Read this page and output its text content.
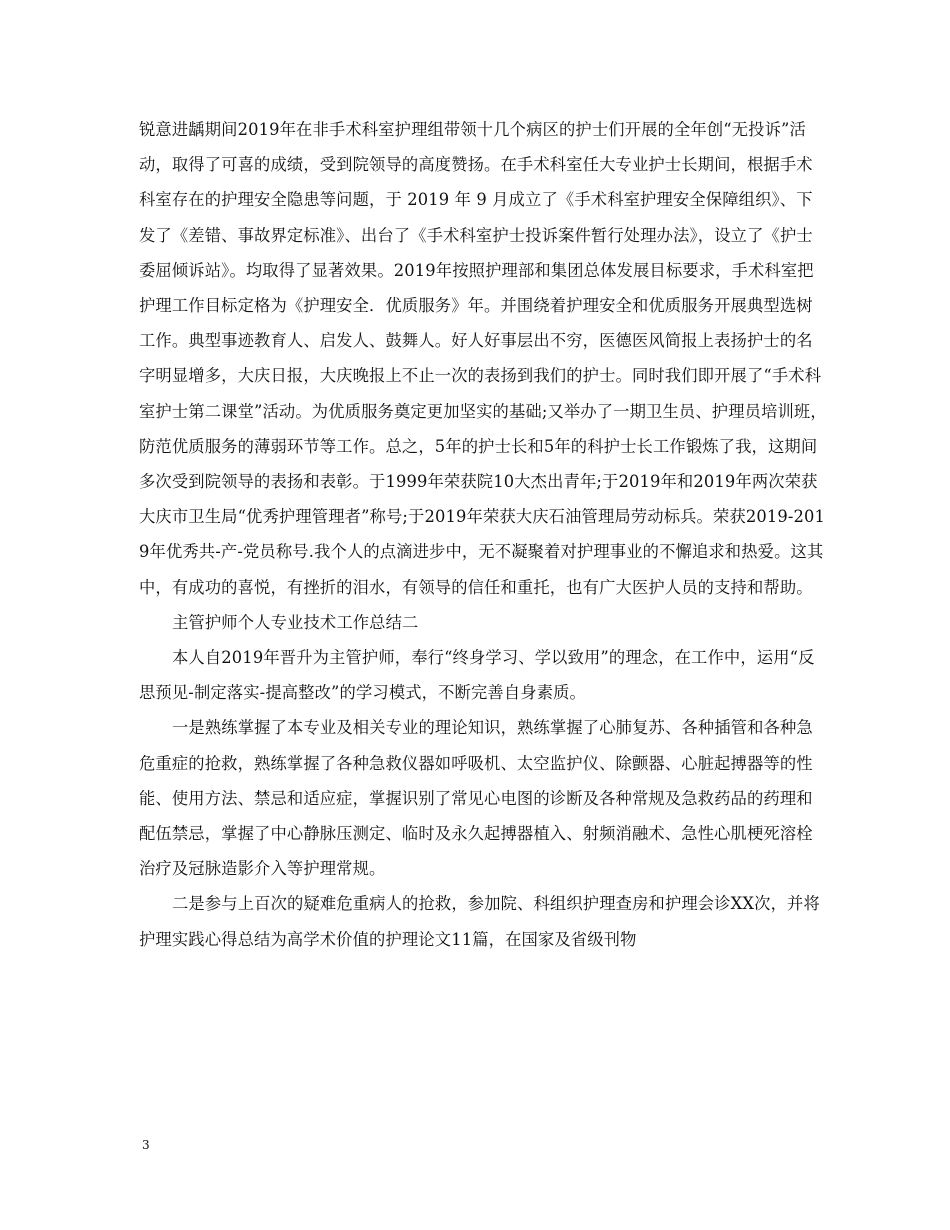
锐意进龋期间2019年在非手术科室护理组带领十几个病区的护士们开展的全年创“无投诉”活动，取得了可喜的成绩，受到院领导的高度赞扬。在手术科室任大专业护士长期间，根据手术科室存在的护理安全隐患等问题，于 2019 年 9 月成立了《手术科室护理安全保障组织》、下发了《差错、事故界定标准》、出台了《手术科室护士投诉案件暂行处理办法》，设立了《护士委屈倾诉站》。均取得了显著效果。2019年按照护理部和集团总体发展目标要求，手术科室把护理工作目标定格为《护理安全．优质服务》年。并围绕着护理安全和优质服务开展典型选树工作。典型事迹教育人、启发人、鼓舞人。好人好事层出不穷，医德医风简报上表扬护士的名字明显增多，大庆日报，大庆晚报上不止一次的表扬到我们的护士。同时我们即开展了“手术科室护士第二课堂”活动。为优质服务奠定更加坚实的基础;又举办了一期卫生员、护理员培训班，防范优质服务的薄弱环节等工作。总之，5年的护士长和5年的科护士长工作锻炼了我，这期间多次受到院领导的表扬和表彰。于1999年荣获院10大杰出青年;于2019年和2019年两次荣获大庆市卫生局“优秀护理管理者”称号;于2019年荣获大庆石油管理局劳动标兵。荣获2019-2019年优秀共-产-党员称号.我个人的点滴进步中，无不凝聚着对护理事业的不懈追求和热爱。这其中，有成功的喜悦，有挫折的泪水，有领导的信任和重托，也有广大医护人员的支持和帮助。

主管护师个人专业技术工作总结二

本人自2019年晋升为主管护师，奉行“终身学习、学以致用”的理念，在工作中，运用“反思预见-制定落实-提高整改”的学习模式，不断完善自身素质。

一是熟练掌握了本专业及相关专业的理论知识，熟练掌握了心肺复苏、各种插管和各种急危重症的抢救，熟练掌握了各种急救仪器如呼吸机、太空监护仪、除颤器、心脏起搏器等的性能、使用方法、禁忌和适应症，掌握识别了常见心电图的诊断及各种常规及急救药品的药理和配伍禁忌，掌握了中心静脉压测定、临时及永久起搏器植入、射频消融术、急性心肌梗死溶栓治疗及冠脉造影介入等护理常规。

二是参与上百次的疑难危重病人的抢救，参加院、科组织护理查房和护理会诊XX次，并将护理实践心得总结为高学术价值的护理论文11篇，在国家及省级刊物

3
